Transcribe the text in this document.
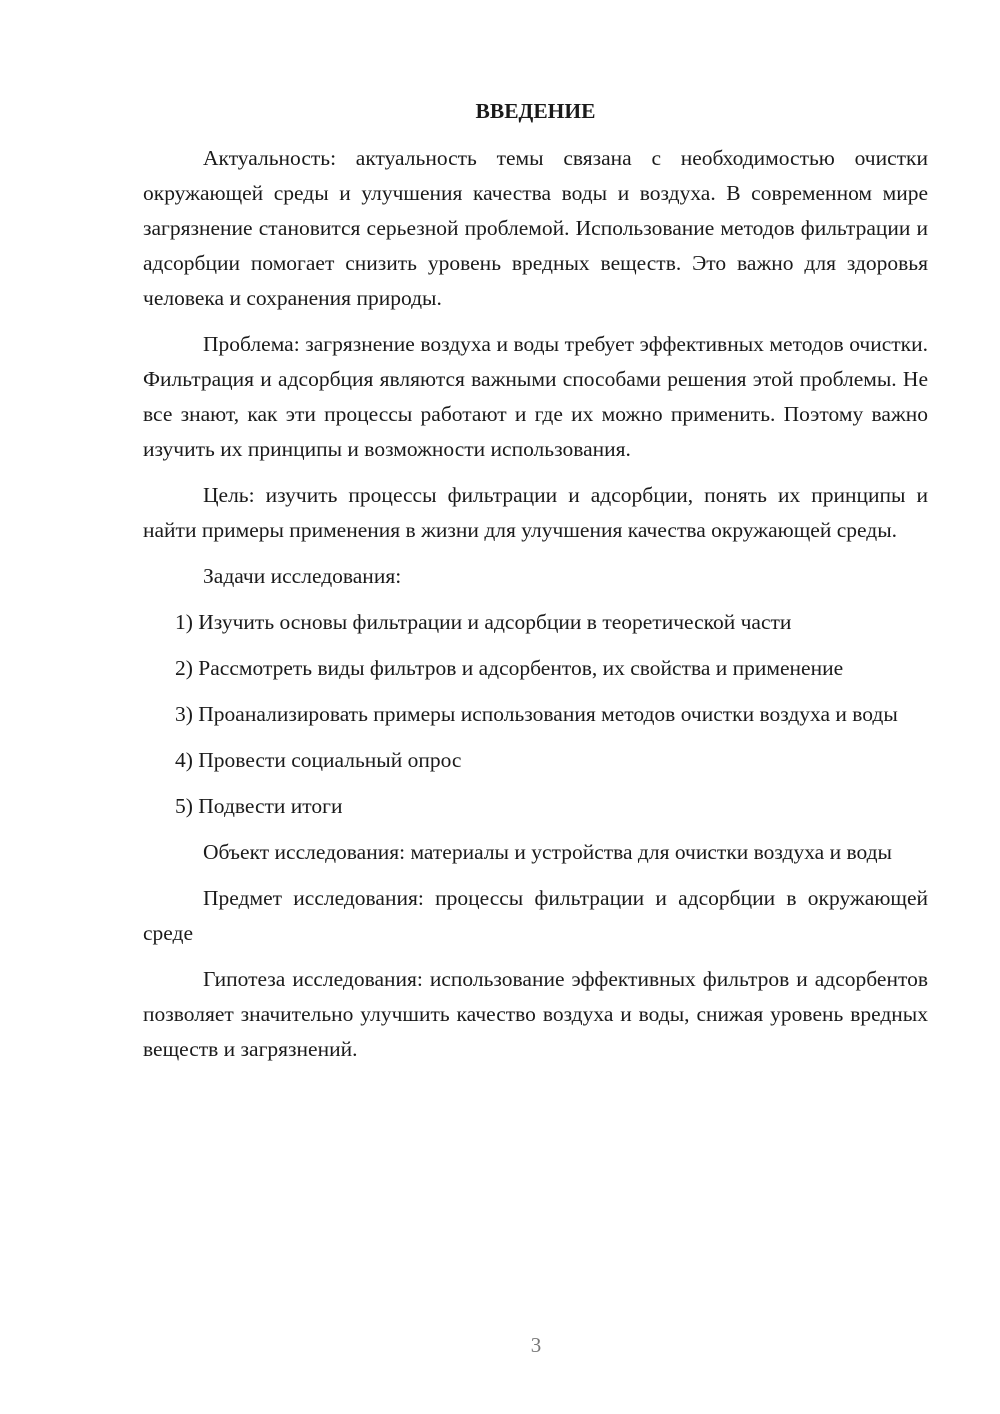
ВВЕДЕНИЕ

Актуальность: актуальность темы связана с необходимостью очистки окружающей среды и улучшения качества воды и воздуха. В современном мире загрязнение становится серьезной проблемой. Использование методов фильтрации и адсорбции помогает снизить уровень вредных веществ. Это важно для здоровья человека и сохранения природы.

Проблема: загрязнение воздуха и воды требует эффективных методов очистки. Фильтрация и адсорбция являются важными способами решения этой проблемы. Не все знают, как эти процессы работают и где их можно применить. Поэтому важно изучить их принципы и возможности использования.

Цель: изучить процессы фильтрации и адсорбции, понять их принципы и найти примеры применения в жизни для улучшения качества окружающей среды.

Задачи исследования:

1) Изучить основы фильтрации и адсорбции в теоретической части

2) Рассмотреть виды фильтров и адсорбентов, их свойства и применение

3) Проанализировать примеры использования методов очистки воздуха и воды

4) Провести социальный опрос

5) Подвести итоги

Объект исследования: материалы и устройства для очистки воздуха и воды

Предмет исследования: процессы фильтрации и адсорбции в окружающей среде

Гипотеза исследования: использование эффективных фильтров и адсорбентов позволяет значительно улучшить качество воздуха и воды, снижая уровень вредных веществ и загрязнений.

3
